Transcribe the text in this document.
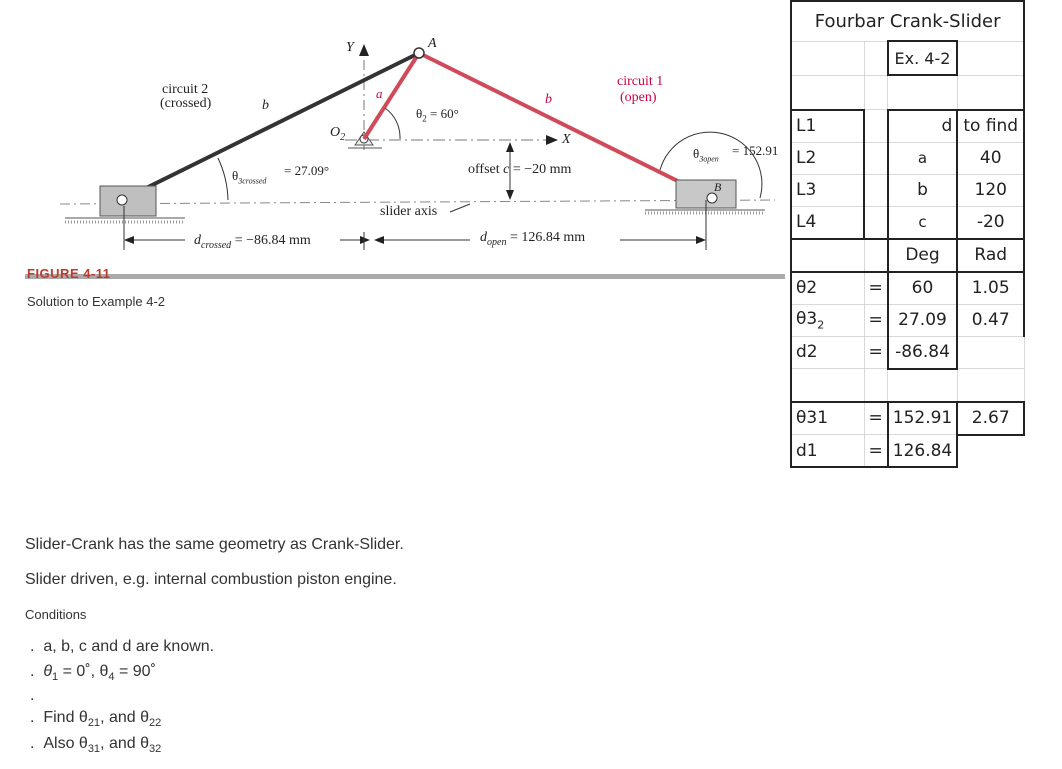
circuit 2
(crossed)
circuit 1
(open)
Y	A
b
a	b
$O_2$
$\theta_2 = 60^\circ$
X
$\theta_{3crossed}$
= 27.09°	offset c = −20 mm
$\theta_{3open}$
= 152.91
B
slider axis
$d_{crossed} = -86.84$ mm	$d_{open} = 126.84$ mm
FIGURE 4-11
Solution to Example 4-2
Fourbar Crank-Slider			
		Ex. 4-2	

L1		d	to find
L2		a	40
L3		b	120
L4		c	-20
		Deg	Rad
θ2	=	60	1.05
$\theta 3_2$	=	27.09	0.47
d2	=	-86.84	

θ31	=	152.91	2.67
d1	=	126.84	
Slider-Crank has the same geometry as Crank-Slider.
Slider driven, e.g. internal combustion piston engine.
Conditions
. a, b, c and d are known.
. $\theta_1$ = 0˚, $\theta_4$ = 90˚
.
. Find $\theta_{21}$, and $\theta_{22}$
. Also $\theta_{31}$, and $\theta_{32}$
